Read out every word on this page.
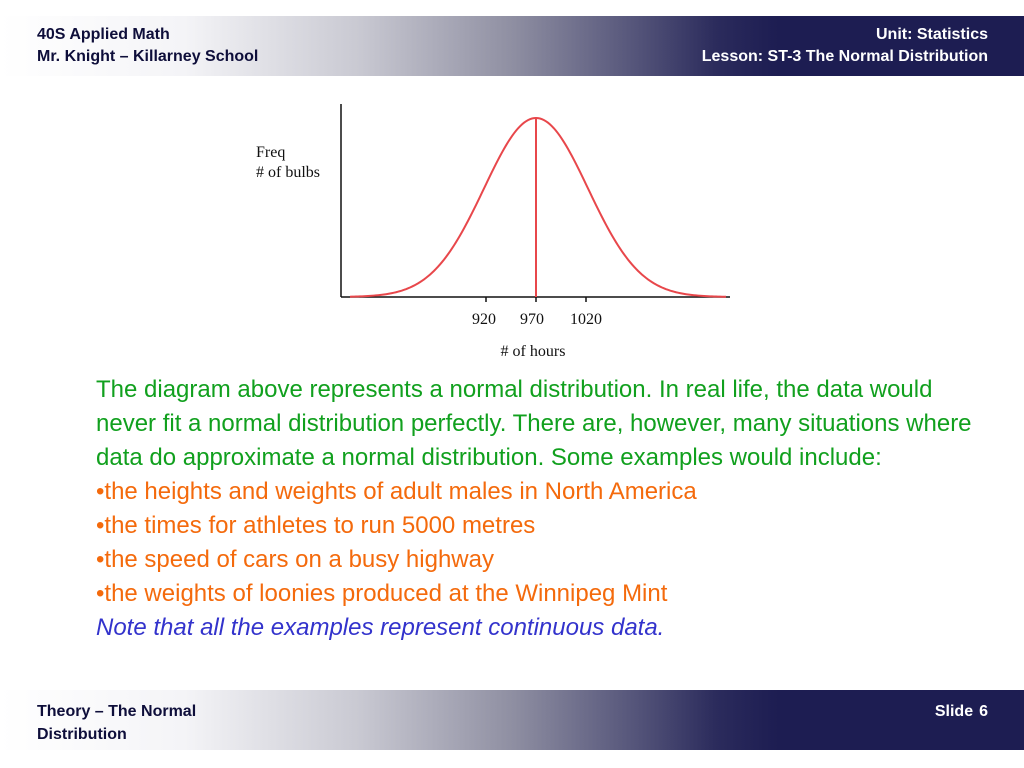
40S Applied Math
Mr. Knight – Killarney School
Unit: Statistics
Lesson: ST-3 The Normal Distribution
Freq
# of bulbs
920 970 1020
# of hours

The diagram above represents a normal distribution. In real life, the data would never fit a normal distribution perfectly. There are, however, many situations where data do approximate a normal distribution. Some examples would include:

•the heights and weights of adult males in North America

•the times for athletes to run 5000 metres

•the speed of cars on a busy highway

•the weights of loonies produced at the Winnipeg Mint

Note that all the examples represent continuous data.

Theory – The Normal Distribution
Slide 6
